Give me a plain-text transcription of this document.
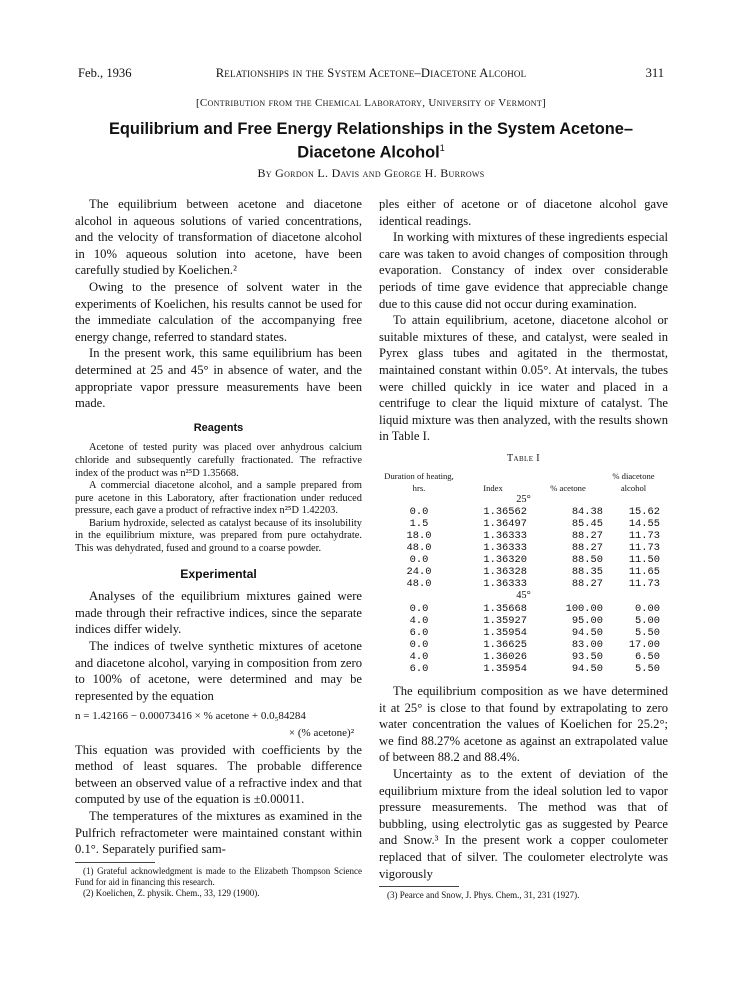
Feb., 1936	Relationships in the System Acetone–Diacetone Alcohol	311
[Contribution from the Chemical Laboratory, University of Vermont]
Equilibrium and Free Energy Relationships in the System Acetone–Diacetone Alcohol$^1$
By Gordon L. Davis and George H. Burrows

The equilibrium between acetone and diacetone alcohol in aqueous solutions of varied concentrations, and the velocity of transformation of diacetone alcohol in 10% aqueous solution into acetone, have been carefully studied by Koelichen.²

Owing to the presence of solvent water in the experiments of Koelichen, his results cannot be used for the immediate calculation of the accompanying free energy change, referred to standard states.

In the present work, this same equilibrium has been determined at 25 and 45° in absence of water, and the appropriate vapor pressure measurements have been made.

Reagents

Acetone of tested purity was placed over anhydrous calcium chloride and subsequently carefully fractionated. The refractive index of the product was n²⁵D 1.35668.

A commercial diacetone alcohol, and a sample prepared from pure acetone in this Laboratory, after fractionation under reduced pressure, each gave a product of refractive index n²⁵D 1.42203.

Barium hydroxide, selected as catalyst because of its insolubility in the equilibrium mixture, was prepared from pure octahydrate. This was dehydrated, fused and ground to a coarse powder.

Experimental

Analyses of the equilibrium mixtures gained were made through their refractive indices, since the separate indices differ widely.

The indices of twelve synthetic mixtures of acetone and diacetone alcohol, varying in composition from zero to 100% of acetone, were determined and may be represented by the equation

n = 1.42166 − 0.00073416 × % acetone + 0.0₅84284

× (% acetone)²

This equation was provided with coefficients by the method of least squares. The probable difference between an observed value of a refractive index and that computed by use of the equation is ±0.00011.

The temperatures of the mixtures as examined in the Pulfrich refractometer were maintained constant within 0.1°. Separately purified sam-

(1) Grateful acknowledgment is made to the Elizabeth Thompson Science Fund for aid in financing this research.

(2) Koelichen, Z. physik. Chem., 33, 129 (1900).

ples either of acetone or of diacetone alcohol gave identical readings.

In working with mixtures of these ingredients especial care was taken to avoid changes of composition through evaporation. Constancy of index over considerable periods of time gave evidence that appreciable change due to this cause did not occur during examination.

To attain equilibrium, acetone, diacetone alcohol or suitable mixtures of these, and catalyst, were sealed in Pyrex glass tubes and agitated in the thermostat, maintained constant within 0.05°. At intervals, the tubes were chilled quickly in ice water and placed in a centrifuge to clear the liquid mixture of catalyst. The liquid mixture was then analyzed, with the results shown in Table I.

Table I
Duration of heating, hrs.	Index	% acetone	% diacetone alcohol
25°			
0.0	1.36562	84.38	15.62
1.5	1.36497	85.45	14.55
18.0	1.36333	88.27	11.73
48.0	1.36333	88.27	11.73
0.0	1.36320	88.50	11.50
24.0	1.36328	88.35	11.65
48.0	1.36333	88.27	11.73
45°			
0.0	1.35668	100.00	0.00
4.0	1.35927	95.00	5.00
6.0	1.35954	94.50	5.50
0.0	1.36625	83.00	17.00
4.0	1.36026	93.50	6.50
6.0	1.35954	94.50	5.50

The equilibrium composition as we have determined it at 25° is close to that found by extrapolating to zero water concentration the values of Koelichen for 25.2°; we find 88.27% acetone as against an extrapolated value of between 88.2 and 88.4%.

Uncertainty as to the extent of deviation of the equilibrium mixture from the ideal solution led to vapor pressure measurements. The method was that of bubbling, using electrolytic gas as suggested by Pearce and Snow.³ In the present work a copper coulometer replaced that of silver. The coulometer electrolyte was vigorously

(3) Pearce and Snow, J. Phys. Chem., 31, 231 (1927).
